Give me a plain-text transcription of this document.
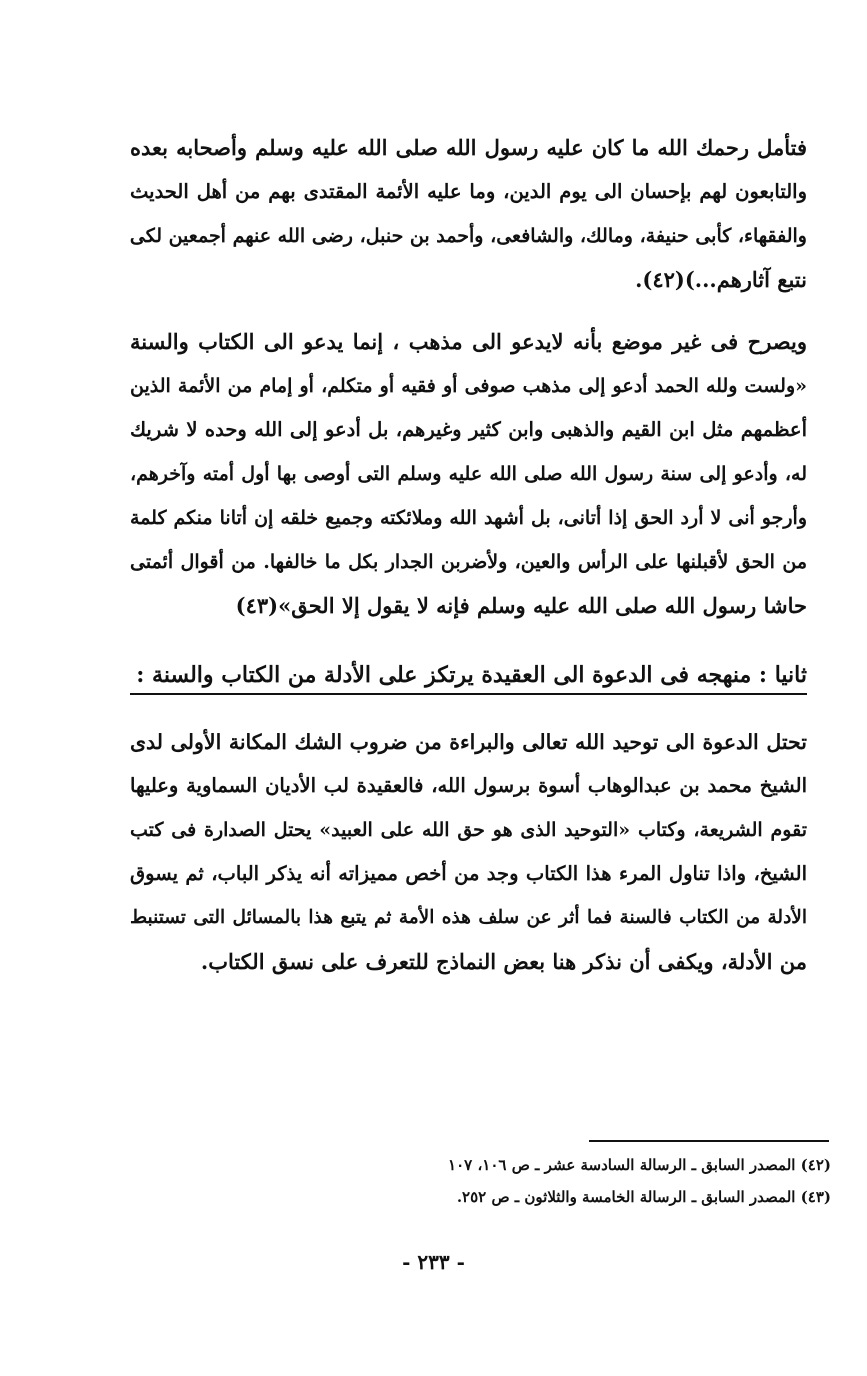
فتأمل رحمك الله ما كان عليه رسول الله صلى الله عليه وسلم وأصحابه بعده
والتابعون لهم بإحسان الى يوم الدين، وما عليه الأئمة المقتدى بهم من أهل الحديث
والفقهاء، كأبى حنيفة، ومالك، والشافعى، وأحمد بن حنبل، رضى الله عنهم أجمعين لكى
نتبع آثارهم...)(٤٢).
ويصرح فى غير موضع بأنه لايدعو الى مذهب ، إنما يدعو الى الكتاب والسنة
«ولست ولله الحمد أدعو إلى مذهب صوفى أو فقيه أو متكلم، أو إمام من الأئمة الذين
أعظمهم مثل ابن القيم والذهبى وابن كثير وغيرهم، بل أدعو إلى الله وحده لا شريك
له، وأدعو إلى سنة رسول الله صلى الله عليه وسلم التى أوصى بها أول أمته وآخرهم،
وأرجو أنى لا أرد الحق إذا أتانى، بل أشهد الله وملائكته وجميع خلقه إن أتانا منكم كلمة
من الحق لأقبلنها على الرأس والعين، ولأضربن الجدار بكل ما خالفها. من أقوال أئمتى
حاشا رسول الله صلى الله عليه وسلم فإنه لا يقول إلا الحق»(٤٣)
ثانيا : منهجه فى الدعوة الى العقيدة يرتكز على الأدلة من الكتاب والسنة :
تحتل الدعوة الى توحيد الله تعالى والبراءة من ضروب الشك المكانة الأولى لدى
الشيخ محمد بن عبدالوهاب أسوة برسول الله، فالعقيدة لب الأديان السماوية وعليها
تقوم الشريعة، وكتاب «التوحيد الذى هو حق الله على العبيد» يحتل الصدارة فى كتب
الشيخ، واذا تناول المرء هذا الكتاب وجد من أخص مميزاته أنه يذكر الباب، ثم يسوق
الأدلة من الكتاب فالسنة فما أثر عن سلف هذه الأمة ثم يتبع هذا بالمسائل التى تستنبط
من الأدلة، ويكفى أن نذكر هنا بعض النماذج للتعرف على نسق الكتاب.
(٤٢) المصدر السابق ـ الرسالة السادسة عشر ـ ص ١٠٦، ١٠٧
(٤٣) المصدر السابق ـ الرسالة الخامسة والثلاثون ـ ص ٢٥٢.
- ٢٣٣ -
